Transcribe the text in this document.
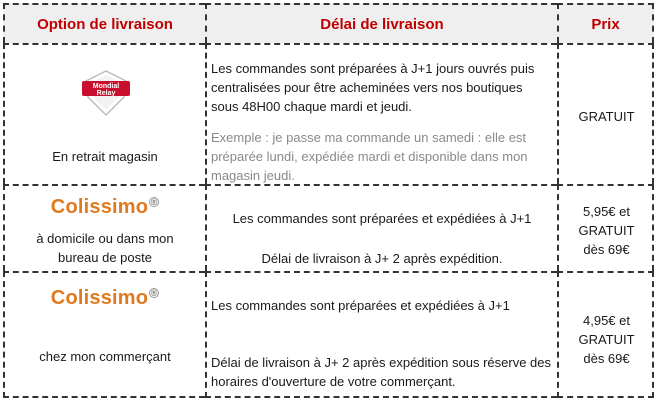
Option de livraison	Délai de livraison	Prix
Mondial
Relay
En retrait magasin
Les commandes sont préparées à J+1 jours ouvrés puis centralisées pour être acheminées vers nos boutiques sous 48H00 chaque mardi et jeudi.
Exemple : je passe ma commande un samedi : elle est préparée lundi, expédiée mardi et disponible dans mon magasin jeudi.
GRATUIT
Colissimo ®
à domicile ou dans mon bureau de poste
Les commandes sont préparées et expédiées à J+1
Délai de livraison à J+ 2 après expédition.
5,95€ et GRATUIT dès 69€
Colissimo ®
chez mon commerçant
Les commandes sont préparées et expédiées à J+1
Délai de livraison à J+ 2 après expédition sous réserve des horaires d'ouverture de votre commerçant.
4,95€ et GRATUIT dès 69€
